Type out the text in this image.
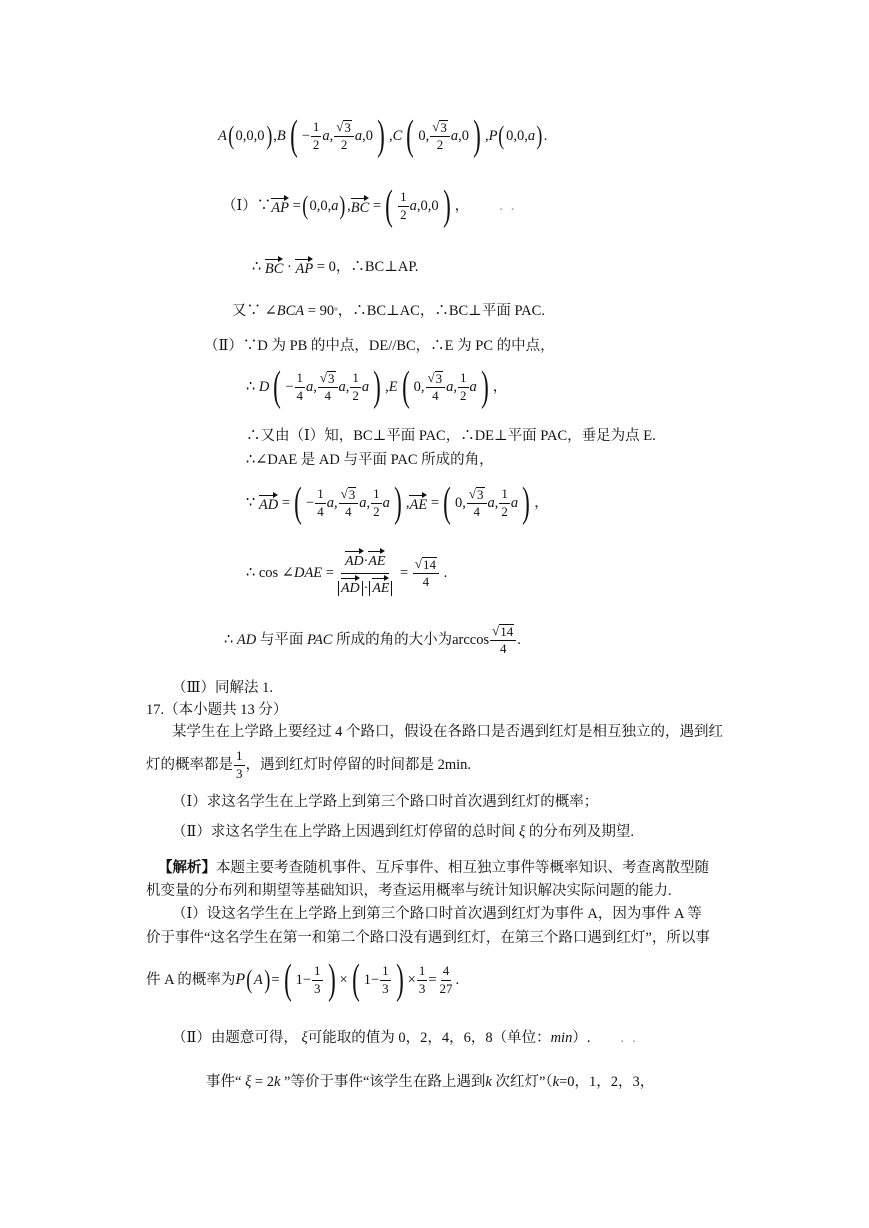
A ( 0,0,0 ) , B ( − $\frac{1}{2}$ a , $\frac{√ 3}{2}$ a ,0 ) , C ( 0, $\frac{√ 3}{2}$ a ,0 ) , P ( 0,0, a ) .
（Ⅰ）∵ AP = ( 0,0, a ) , BC = ( $\frac{1}{2}$ a ,0,0 ) ， ..
∴ BC · AP = 0 ，∴BC⊥AP.
又∵ ∠ BCA = 90 ° ，∴BC⊥AC，∴BC⊥平面 PAC.
（Ⅱ）∵D 为 PB 的中点，DE//BC，∴E 为 PC 的中点，
∴ D ( − $\frac{1}{4}$ a , $\frac{√ 3}{4}$ a , $\frac{1}{2}$ a ) , E ( 0, $\frac{√ 3}{4}$ a , $\frac{1}{2}$ a ) ，
∴又由（Ⅰ）知，BC⊥平面 PAC，∴DE⊥平面 PAC，垂足为点 E.
∴∠DAE 是 AD 与平面 PAC 所成的角，
∵ AD = ( − $\frac{1}{4}$ a , $\frac{√ 3}{4}$ a , $\frac{1}{2}$ a ) , AE = ( 0, $\frac{√ 3}{4}$ a , $\frac{1}{2}$ a ) ，
∴ cos ∠ DAE = $\frac{AD\cdot AE}{AD \cdot AE} = \frac{√ 14}{4}$ .
∴ AD
与平面
PAC
所成的角的大小为 $\arccos \frac{√ 14}{4}$ .
（Ⅲ）同解法 1.
17.（本小题共 13 分）
某学生在上学路上要经过 4 个路口，假设在各路口是否遇到红灯是相互独立的，遇到红
灯的概率都是 $\frac{1}{3}$ ，遇到红灯时停留的时间都是 2min.
（Ⅰ）求这名学生在上学路上到第三个路口时首次遇到红灯的概率；
（Ⅱ）求这名学生在上学路上因遇到红灯停留的总时间
ξ
的分布列及期望.
【解析】 本题主要考查随机事件、互斥事件、相互独立事件等概率知识、考查离散型随
机变量的分布列和期望等基础知识，考查运用概率与统计知识解决实际问题的能力.
（Ⅰ）设这名学生在上学路上到第三个路口时首次遇到红灯为事件 A，因为事件 A 等
价于事件“这名学生在第一和第二个路口没有遇到红灯，在第三个路口遇到红灯”，所以事
件 A 的概率为 P ( A ) = ( $1- \frac{1}{3}$ ) × ( $1- \frac{1}{3}$ ) × $\frac{1}{3} = \frac{4}{27}$ .
（Ⅱ）由题意可得，
ξ 可能取的值为 0，2，4，6，8（单位： min ）. ..
事件“
ξ = 2 k
”等价于事件“该学生在路上遇到 k
次红灯”（ k =0，1，2，3，
